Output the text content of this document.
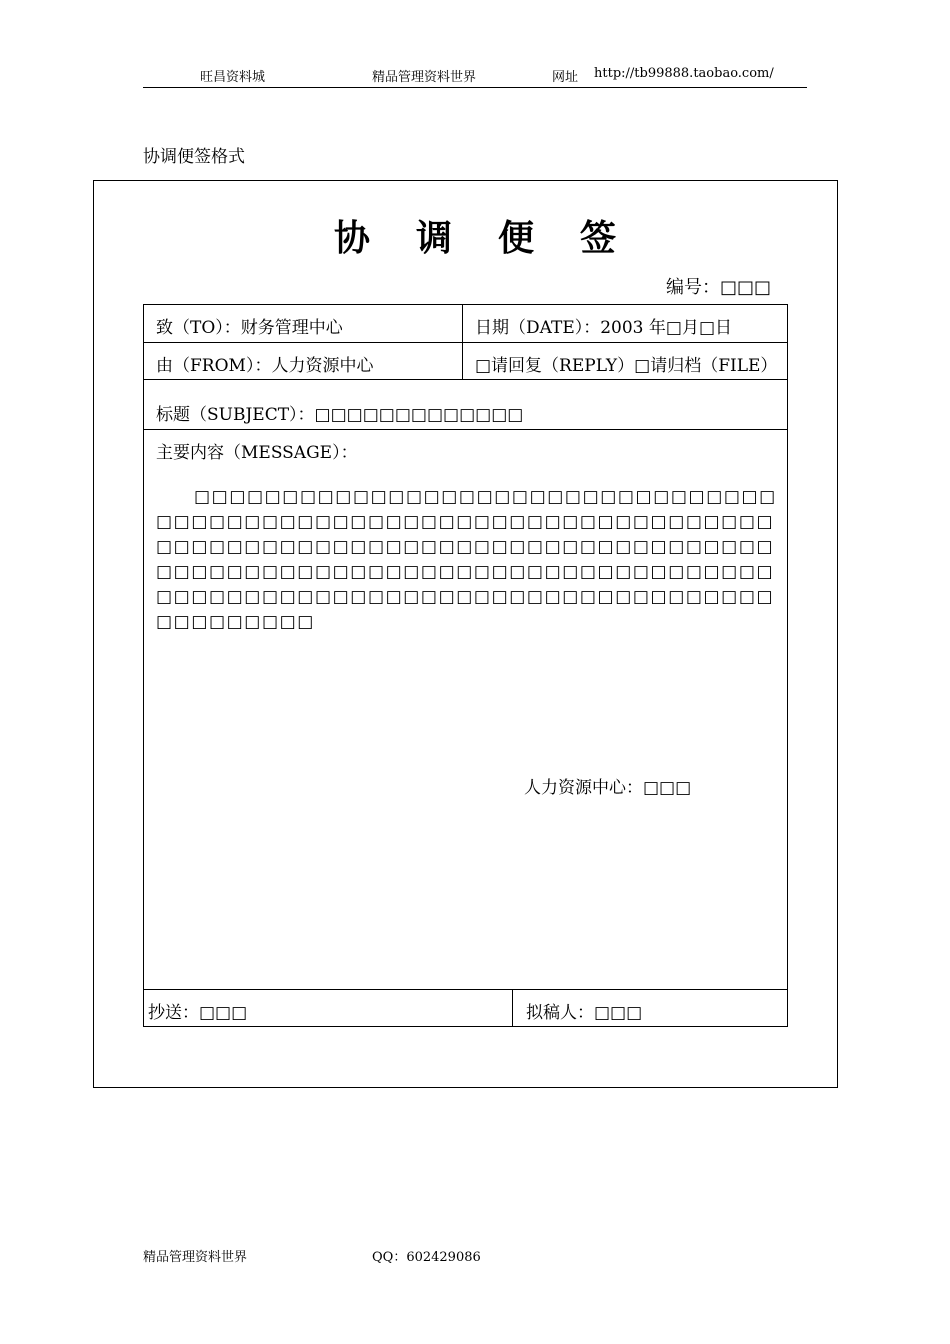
旺昌资料城	精品管理资料世界	网址 http://tb99888.taobao.com/
协调便签格式
协调便签
编号：□□□
致（TO）：财务管理中心	日期（DATE）：2003 年□月□日
由（FROM）：人力资源中心	□请回复（REPLY）□请归档（FILE）
标题（SUBJECT）：□□□□□□□□□□□□□
主要内容（MESSAGE）：
□□□□□□□□□□□□□□□□□□□□□□□□□□□□□□□□□□□□□□□□□□□□□□□□□□□□□□□□□□□□□□□□□□□□□□□□□□□□□□□□□□□□□□□□□□□□□□□□□□□□□□□□□□□□□□□□□□□□□□□□□□□□□□□□□□□□□□□□□□□□□□□□□□□□□□□□□□□□□□□□□□□□□□□□□□□□□□□□□□□□□□
人力资源中心：□□□
抄送：□□□	拟稿人：□□□
精品管理资料世界	QQ：602429086
